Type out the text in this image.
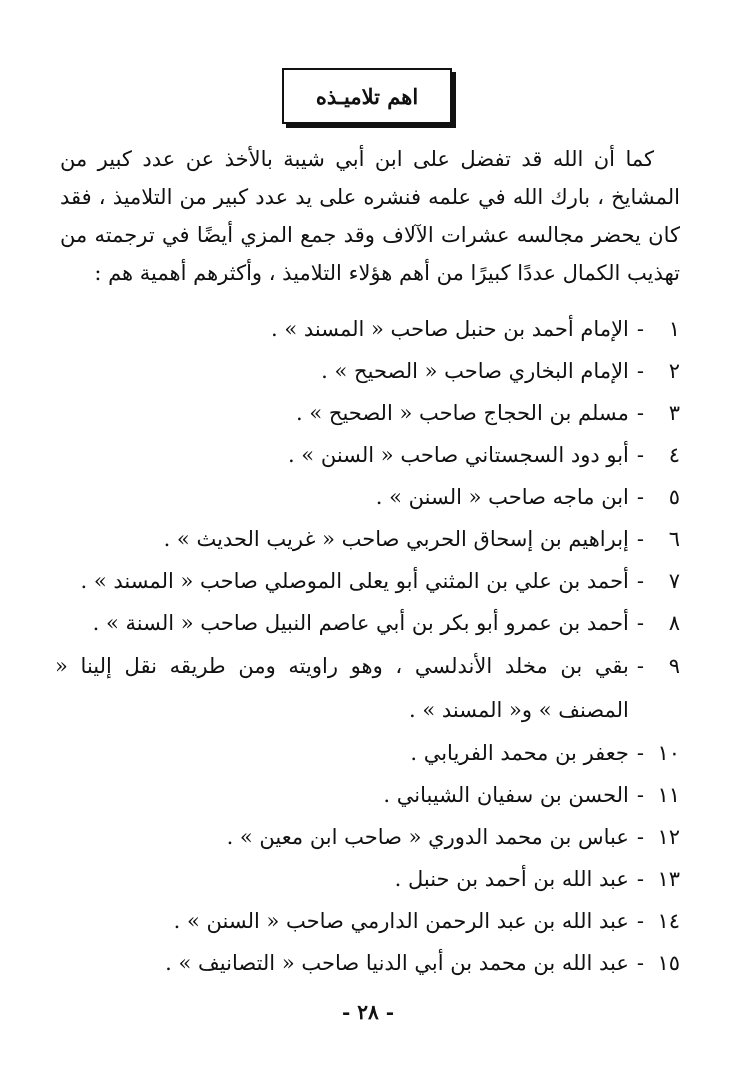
اهم تلاميـذه

كما أن الله قد تفضل على ابن أبي شيبة بالأخذ عن عدد كبير من المشايخ ، بارك الله في علمه فنشره على يد عدد كبير من التلاميذ ، فقد كان يحضر مجالسه عشرات الآلاف وقد جمع المزي أيضًا في ترجمته من تهذيب الكمال عددًا كبيرًا من أهم هؤلاء التلاميذ ، وأكثرهم أهمية هم :

١
-
الإمام أحمد بن حنبل صاحب « المسند » .
٢
-
الإمام البخاري صاحب « الصحيح » .
٣
-
مسلم بن الحجاج صاحب « الصحيح » .
٤
-
أبو دود السجستاني صاحب « السنن » .
٥
-
ابن ماجه صاحب « السنن » .
٦
-
إبراهيم بن إسحاق الحربي صاحب « غريب الحديث » .
٧
-
أحمد بن علي بن المثني أبو يعلى الموصلي صاحب « المسند » .
٨
-
أحمد بن عمرو أبو بكر بن أبي عاصم النبيل صاحب « السنة » .
٩
-
بقي بن مخلد الأندلسي ، وهو راويته ومن طريقه نقل إلينا « المصنف » و« المسند » .
١٠
-
جعفر بن محمد الفريابي .
١١
-
الحسن بن سفيان الشيباني .
١٢
-
عباس بن محمد الدوري « صاحب ابن معين » .
١٣
-
عبد الله بن أحمد بن حنبل .
١٤
-
عبد الله بن عبد الرحمن الدارمي صاحب « السنن » .
١٥
-
عبد الله بن محمد بن أبي الدنيا صاحب « التصانيف » .
- ٢٨ -
